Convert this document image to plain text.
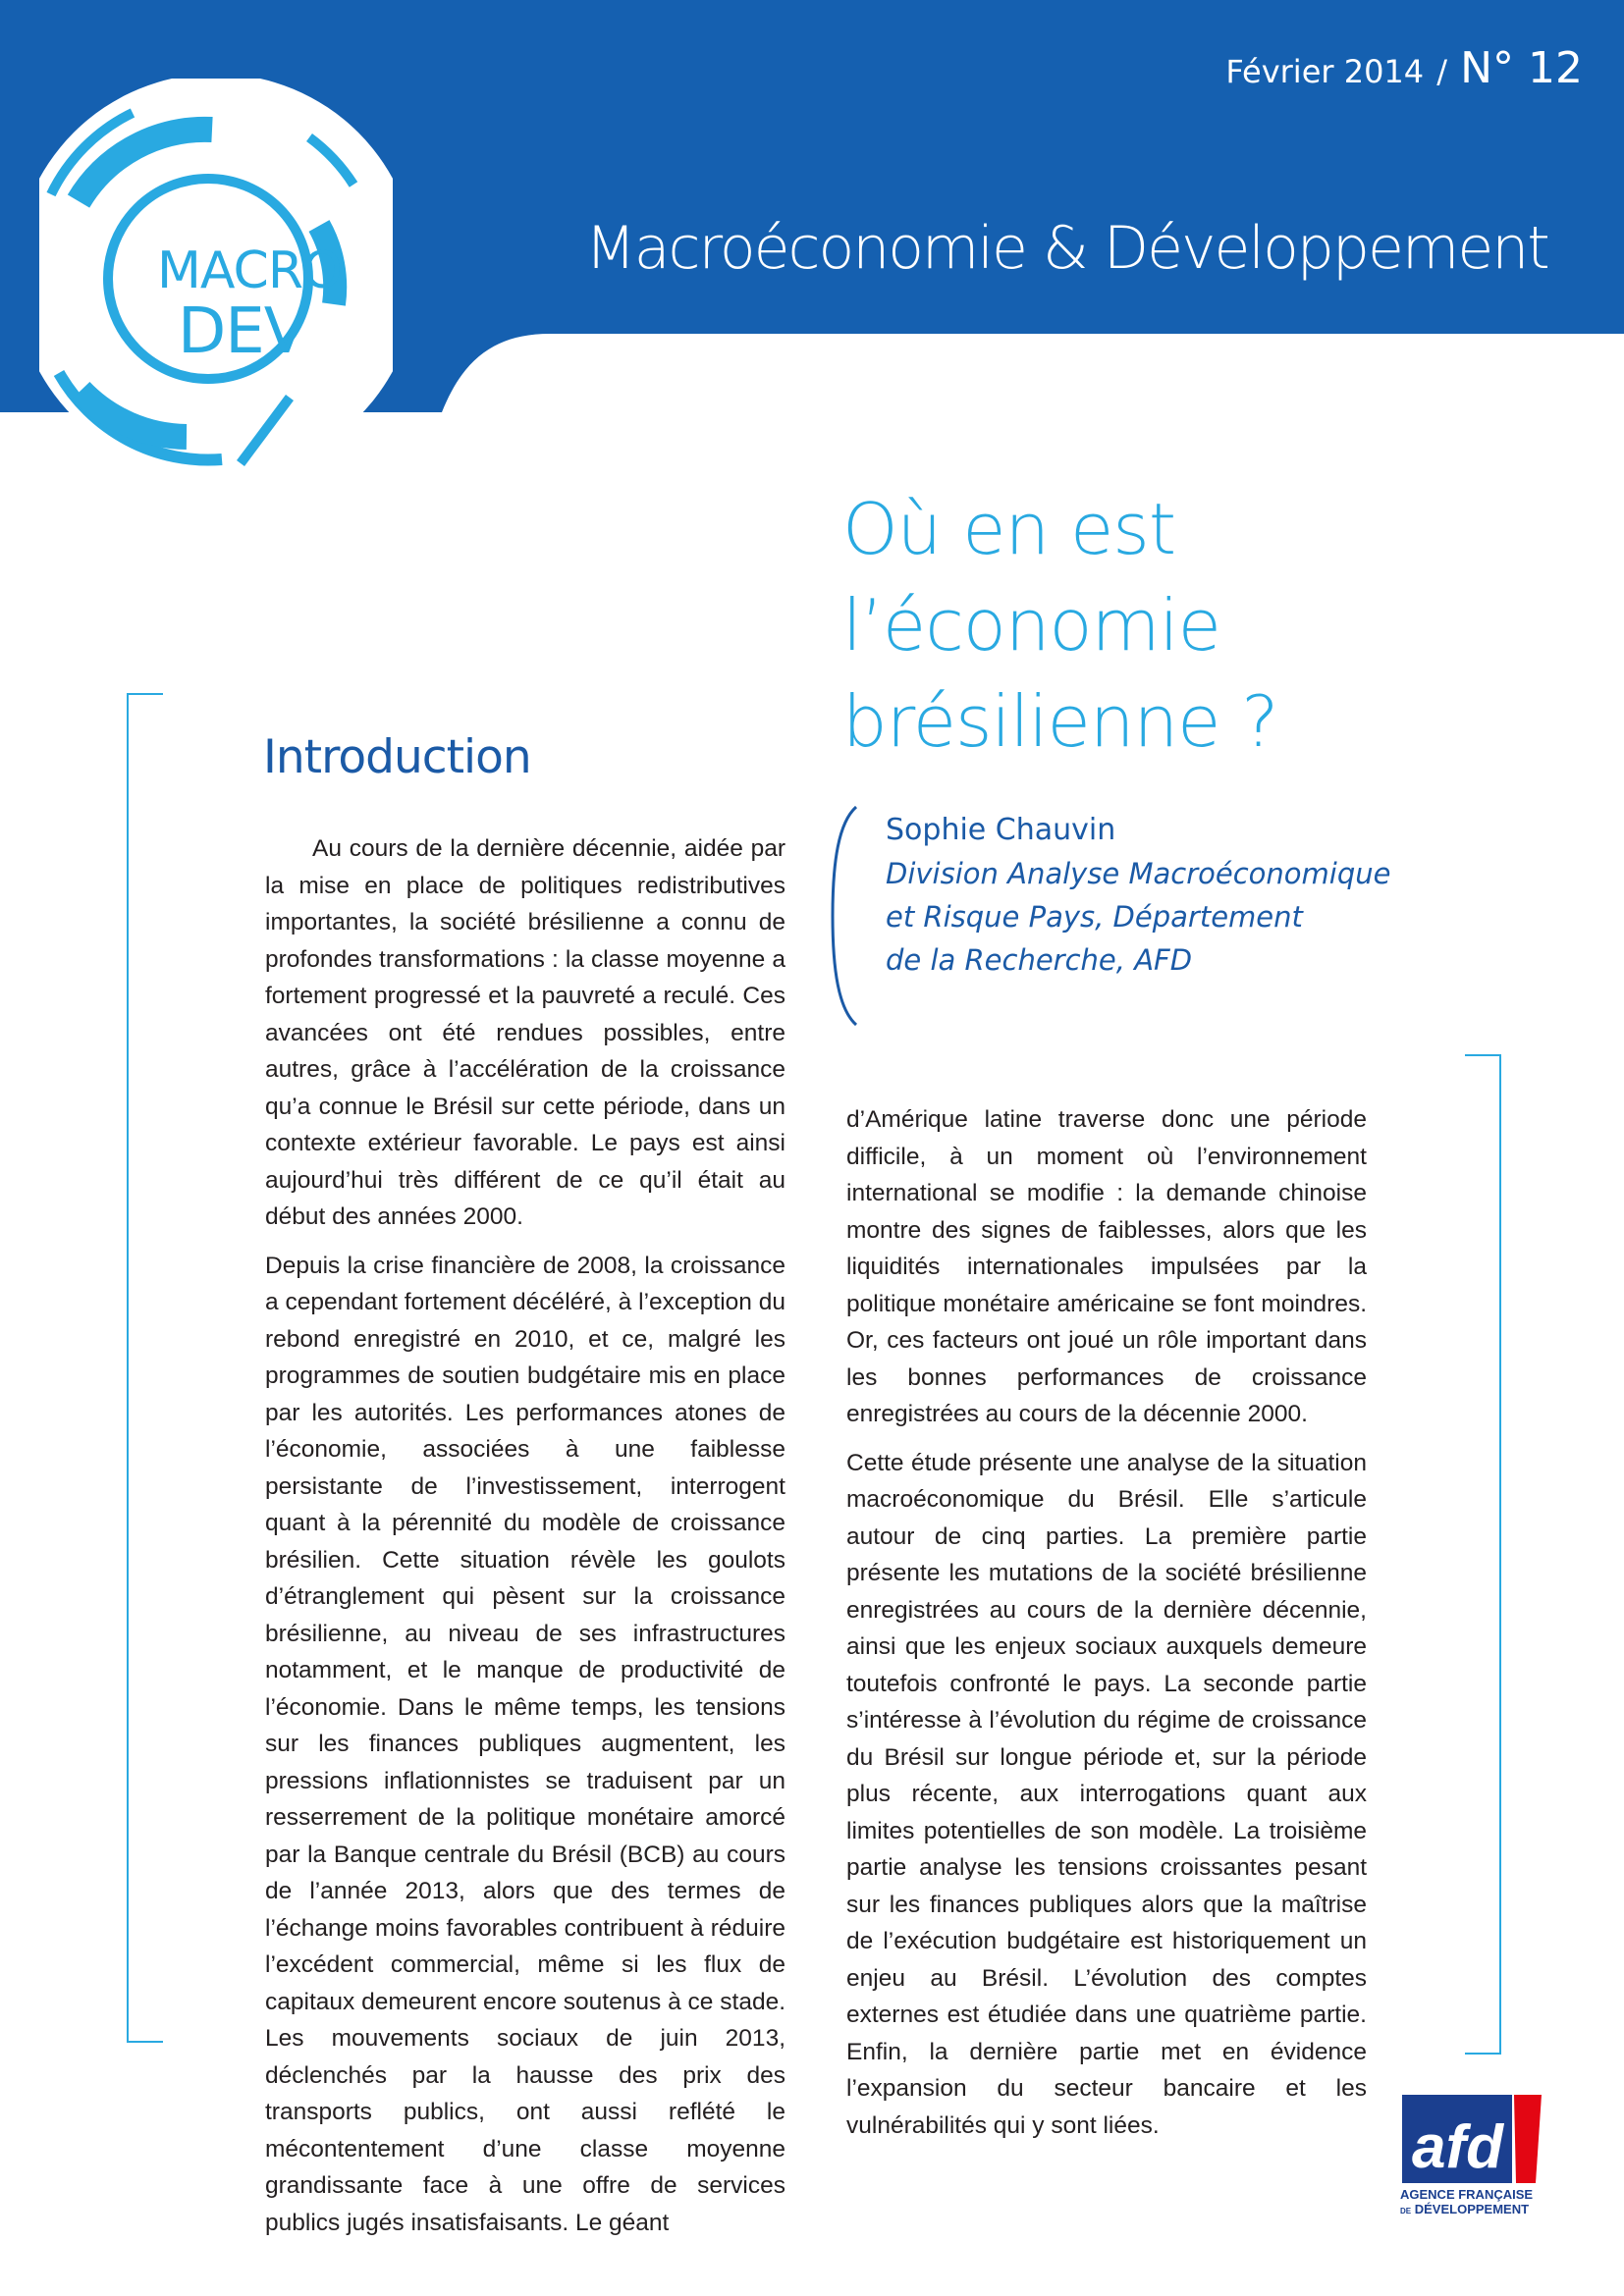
Février 2014 / N° 12
Macroéconomie & Développement
MACRO
DEV
Où en est
l’économie
brésilienne ?
Sophie Chauvin
Division Analyse Macroéconomique
et Risque Pays, Département
de la Recherche, AFD
Introduction

Au cours de la dernière décennie, aidée par la mise en place de politiques redistributives importantes, la société brésilienne a connu de profondes transformations : la classe moyenne a fortement progressé et la pauvreté a reculé. Ces avancées ont été rendues possibles, entre autres, grâce à l’accélération de la croissance qu’a connue le Brésil sur cette période, dans un contexte extérieur favorable. Le pays est ainsi aujourd’hui très différent de ce qu’il était au début des années 2000.

Depuis la crise financière de 2008, la croissance a cependant fortement décéléré, à l’exception du rebond enregistré en 2010, et ce, malgré les programmes de soutien budgétaire mis en place par les autorités. Les performances atones de l’économie, associées à une faiblesse persistante de l’investissement, interrogent quant à la pérennité du modèle de croissance brésilien. Cette situation révèle les goulots d’étranglement qui pèsent sur la croissance brésilienne, au niveau de ses infrastructures notamment, et le manque de productivité de l’économie. Dans le même temps, les tensions sur les finances publiques augmentent, les pressions inflationnistes se traduisent par un resserrement de la politique monétaire amorcé par la Banque centrale du Brésil (BCB) au cours de l’année 2013, alors que des termes de l’échange moins favorables contribuent à réduire l’excédent commercial, même si les flux de capitaux demeurent encore soutenus à ce stade. Les mouvements sociaux de juin 2013, déclenchés par la hausse des prix des transports publics, ont aussi reflété le mécontentement d’une classe moyenne grandissante face à une offre de services publics jugés insatisfaisants. Le géant

d’Amérique latine traverse donc une période difficile, à un moment où l’environnement international se modifie : la demande chinoise montre des signes de faiblesses, alors que les liquidités internationales impulsées par la politique monétaire américaine se font moindres. Or, ces facteurs ont joué un rôle important dans les bonnes performances de croissance enregistrées au cours de la décennie 2000.

Cette étude présente une analyse de la situation macroéconomique du Brésil. Elle s’articule autour de cinq parties. La première partie présente les mutations de la société brésilienne enregistrées au cours de la dernière décennie, ainsi que les enjeux sociaux auxquels demeure toutefois confronté le pays. La seconde partie s’intéresse à l’évolution du régime de croissance du Brésil sur longue période et, sur la période plus récente, aux interrogations quant aux limites potentielles de son modèle. La troisième partie analyse les tensions croissantes pesant sur les finances publiques alors que la maîtrise de l’exécution budgétaire est historiquement un enjeu au Brésil. L’évolution des comptes externes est étudiée dans une quatrième partie. Enfin, la dernière partie met en évidence l’expansion du secteur bancaire et les vulnérabilités qui y sont liées.	afd
AGENCE FRANÇAISE
DE DÉVELOPPEMENT
